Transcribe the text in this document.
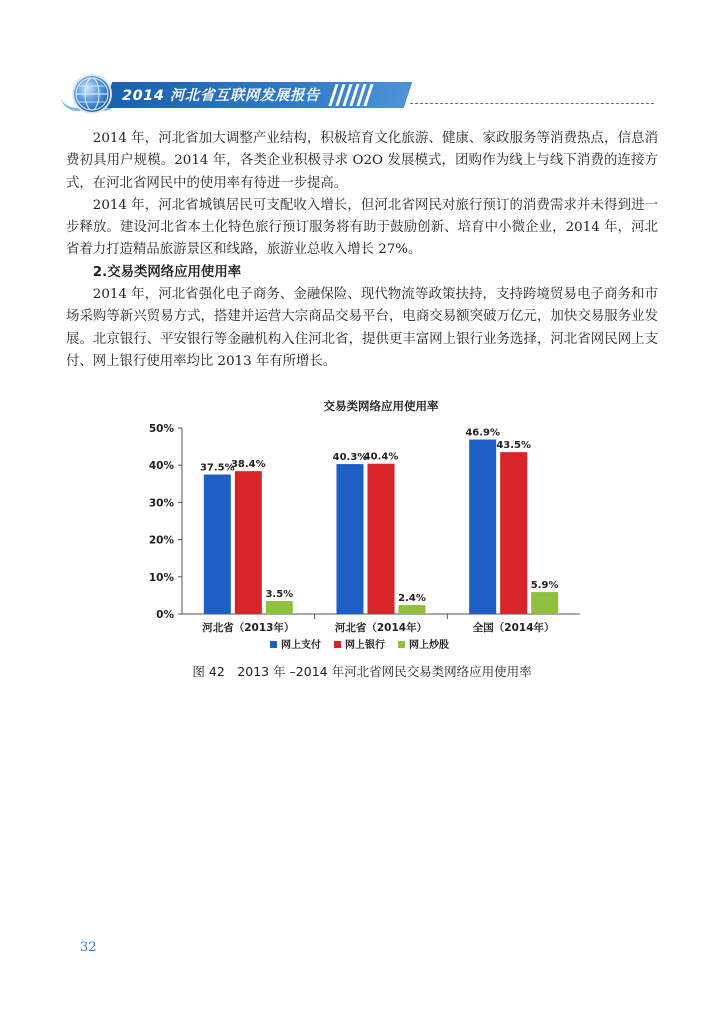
2014 河北省互联网发展报告

2014 年，河北省加大调整产业结构，积极培育文化旅游、健康、家政服务等消费热点，信息消费初具用户规模。2014 年，各类企业积极寻求 O2O 发展模式，团购作为线上与线下消费的连接方式，在河北省网民中的使用率有待进一步提高。

2014 年，河北省城镇居民可支配收入增长，但河北省网民对旅行预订的消费需求并未得到进一步释放。建设河北省本土化特色旅行预订服务将有助于鼓励创新、培育中小微企业，2014 年，河北省着力打造精品旅游景区和线路，旅游业总收入增长 27%。

2.交易类网络应用使用率

2014 年，河北省强化电子商务、金融保险、现代物流等政策扶持，支持跨境贸易电子商务和市场采购等新兴贸易方式，搭建并运营大宗商品交易平台，电商交易额突破万亿元，加快交易服务业发展。北京银行、平安银行等金融机构入住河北省，提供更丰富网上银行业务选择，河北省网民网上支付、网上银行使用率均比 2013 年有所增长。

交易类网络应用使用率
0%
10%
20%
30%
40%
50%
37.5%
38.4%
3.5%
河北省（2013年）
40.3%
40.4%
2.4%
河北省（2014年）
46.9%
43.5%
5.9%
全国（2014年）
网上支付 网上银行 网上炒股
图 42　2013 年 –2014 年河北省网民交易类网络应用使用率
32
